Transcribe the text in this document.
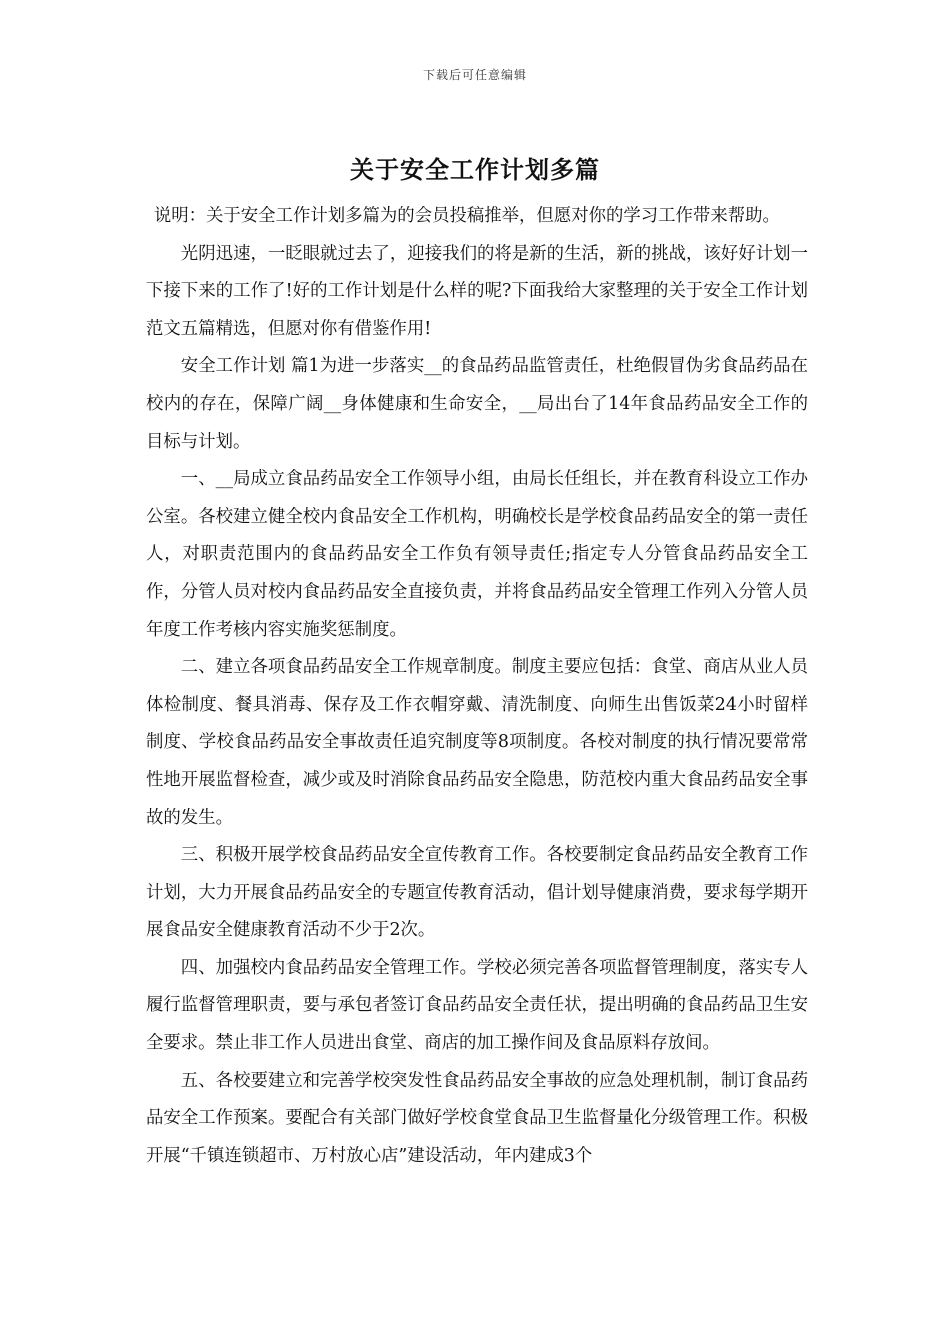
下载后可任意编辑
关于安全工作计划多篇

说明：关于安全工作计划多篇为的会员投稿推举，但愿对你的学习工作带来帮助。

光阴迅速，一眨眼就过去了，迎接我们的将是新的生活，新的挑战，该好好计划一下接下来的工作了!好的工作计划是什么样的呢?下面我给大家整理的关于安全工作计划范文五篇精选，但愿对你有借鉴作用!

安全工作计划 篇1为进一步落实__的食品药品监管责任，杜绝假冒伪劣食品药品在校内的存在，保障广阔__身体健康和生命安全，__局出台了14年食品药品安全工作的目标与计划。

一、__局成立食品药品安全工作领导小组，由局长任组长，并在教育科设立工作办公室。各校建立健全校内食品安全工作机构，明确校长是学校食品药品安全的第一责任人，对职责范围内的食品药品安全工作负有领导责任;指定专人分管食品药品安全工作，分管人员对校内食品药品安全直接负责，并将食品药品安全管理工作列入分管人员年度工作考核内容实施奖惩制度。

二、建立各项食品药品安全工作规章制度。制度主要应包括：食堂、商店从业人员体检制度、餐具消毒、保存及工作衣帽穿戴、清洗制度、向师生出售饭菜24小时留样制度、学校食品药品安全事故责任追究制度等8项制度。各校对制度的执行情况要常常性地开展监督检查，减少或及时消除食品药品安全隐患，防范校内重大食品药品安全事故的发生。

三、积极开展学校食品药品安全宣传教育工作。各校要制定食品药品安全教育工作计划，大力开展食品药品安全的专题宣传教育活动，倡计划导健康消费，要求每学期开展食品安全健康教育活动不少于2次。

四、加强校内食品药品安全管理工作。学校必须完善各项监督管理制度，落实专人履行监督管理职责，要与承包者签订食品药品安全责任状，提出明确的食品药品卫生安全要求。禁止非工作人员进出食堂、商店的加工操作间及食品原料存放间。

五、各校要建立和完善学校突发性食品药品安全事故的应急处理机制，制订食品药品安全工作预案。要配合有关部门做好学校食堂食品卫生监督量化分级管理工作。积极开展“千镇连锁超市、万村放心店”建设活动，年内建成3个
